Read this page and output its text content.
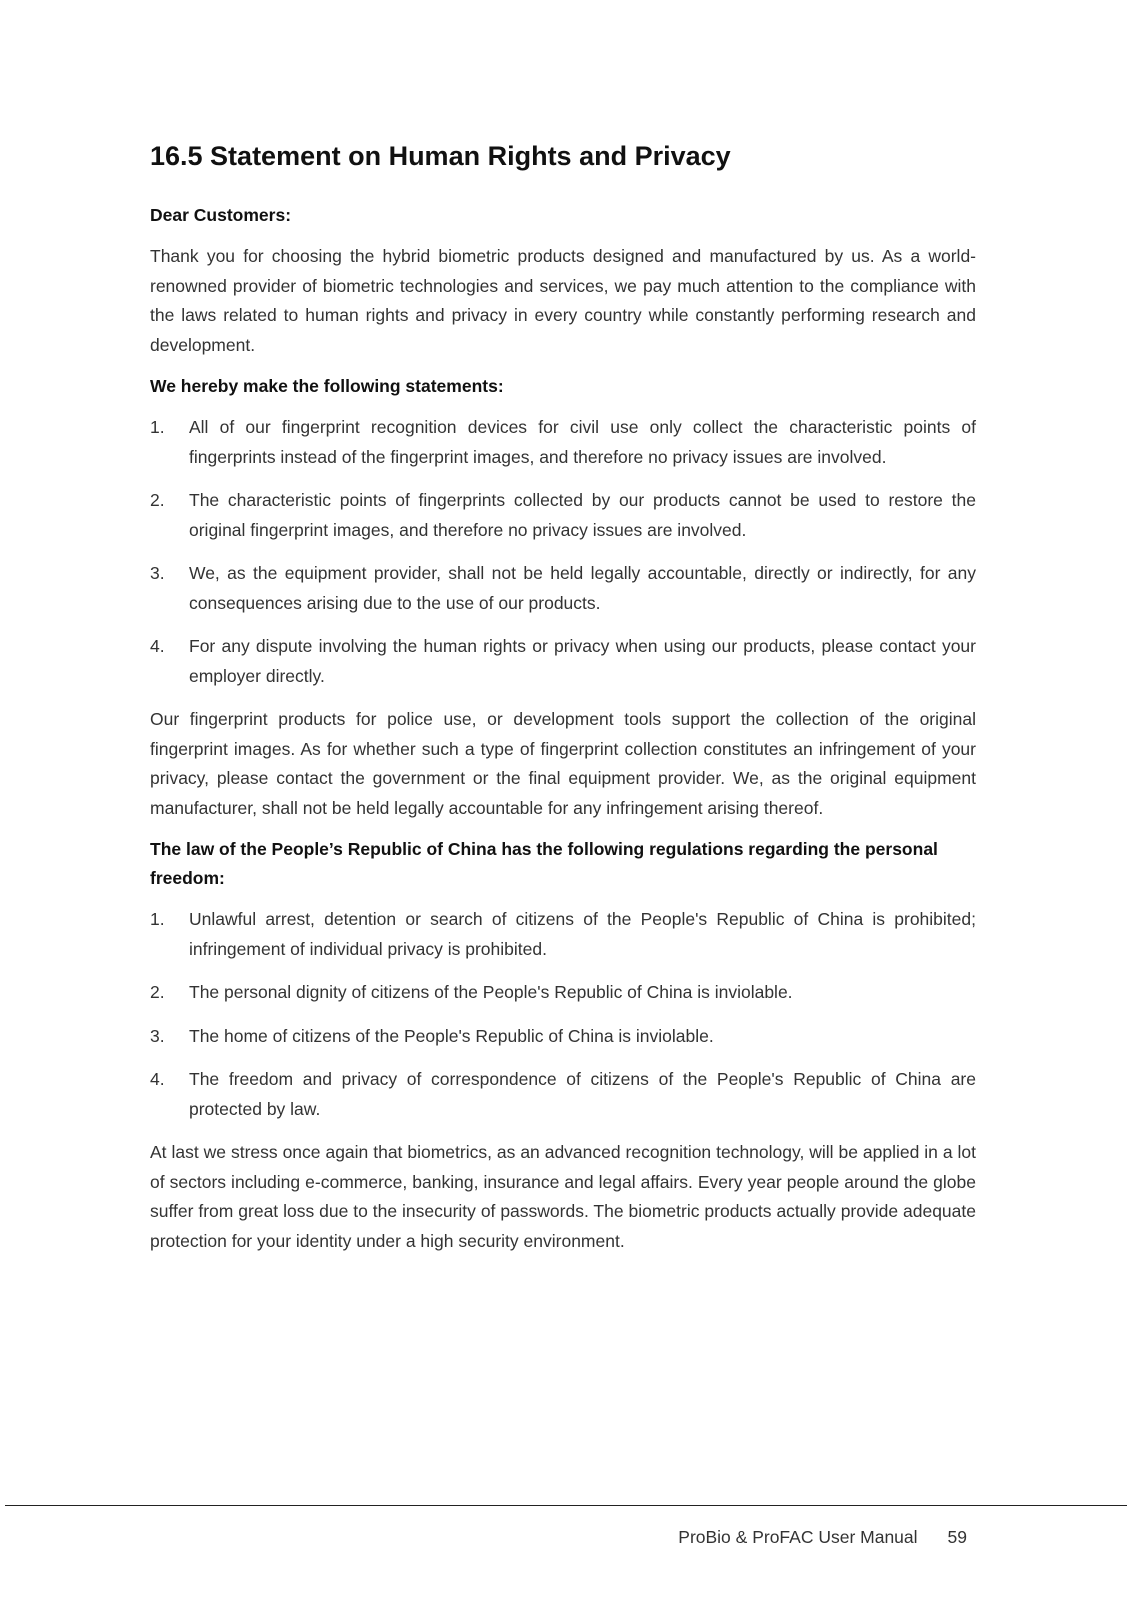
16.5 Statement on Human Rights and Privacy
Dear Customers:

Thank you for choosing the hybrid biometric products designed and manufactured by us. As a world-renowned provider of biometric technologies and services, we pay much attention to the compliance with the laws related to human rights and privacy in every country while constantly performing research and development.

We hereby make the following statements:
1. All of our fingerprint recognition devices for civil use only collect the characteristic points of fingerprints instead of the fingerprint images, and therefore no privacy issues are involved.
2. The characteristic points of fingerprints collected by our products cannot be used to restore the original fingerprint images, and therefore no privacy issues are involved.
3. We, as the equipment provider, shall not be held legally accountable, directly or indirectly, for any consequences arising due to the use of our products.
4. For any dispute involving the human rights or privacy when using our products, please contact your employer directly.

Our fingerprint products for police use, or development tools support the collection of the original fingerprint images. As for whether such a type of fingerprint collection constitutes an infringement of your privacy, please contact the government or the final equipment provider. We, as the original equipment manufacturer, shall not be held legally accountable for any infringement arising thereof.

The law of the People’s Republic of China has the following regulations regarding the personal freedom:
1. Unlawful arrest, detention or search of citizens of the People's Republic of China is prohibited; infringement of individual privacy is prohibited.
2. The personal dignity of citizens of the People's Republic of China is inviolable.
3. The home of citizens of the People's Republic of China is inviolable.
4. The freedom and privacy of correspondence of citizens of the People's Republic of China are protected by law.

At last we stress once again that biometrics, as an advanced recognition technology, will be applied in a lot of sectors including e-commerce, banking, insurance and legal affairs. Every year people around the globe suffer from great loss due to the insecurity of passwords. The biometric products actually provide adequate protection for your identity under a high security environment.

ProBio & ProFAC User Manual 59
